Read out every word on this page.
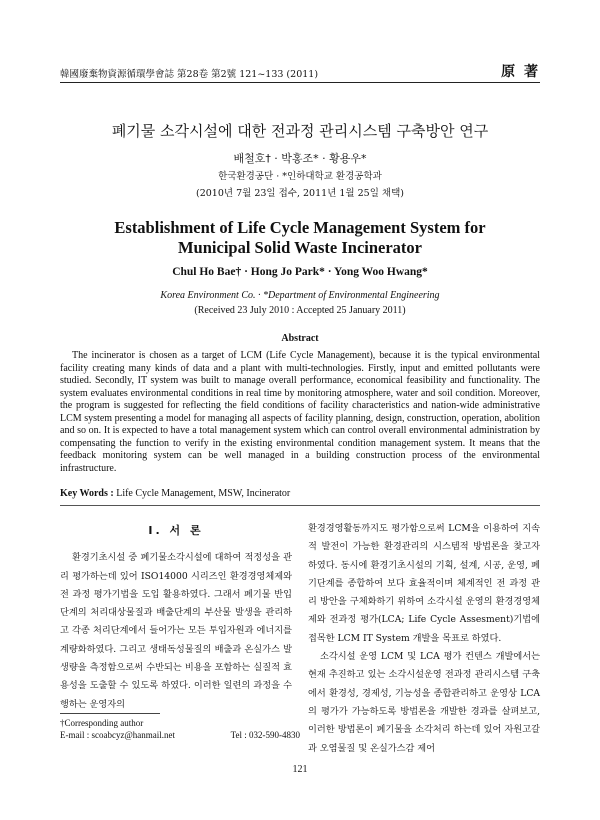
韓國廢棄物資源循環學會誌 第28卷 第2號 121~133 (2011)	原 著
폐기물 소각시설에 대한 전과정 관리시스템 구축방안 연구
배철호† · 박홍조* · 황용우*
한국환경공단 · *인하대학교 환경공학과
(2010년 7월 23일 접수, 2011년 1월 25일 채택)
Establishment of Life Cycle Management System for
Municipal Solid Waste Incinerator
Chul Ho Bae† · Hong Jo Park* · Yong Woo Hwang*
Korea Environment Co. · *Department of Environmental Engineering
(Received 23 July 2010 : Accepted 25 January 2011)
Abstract

The incinerator is chosen as a target of LCM (Life Cycle Management), because it is the typical environmental facility creating many kinds of data and a plant with multi-technologies. Firstly, input and emitted pollutants were studied. Secondly, IT system was built to manage overall performance, economical feasibility and functionality. The system evaluates environmental conditions in real time by monitoring atmosphere, water and soil condition. Moreover, the program is suggested for reflecting the field conditions of facility characteristics and nation-wide administrative LCM system presenting a model for managing all aspects of facility planning, design, construction, operation, abolition and so on. It is expected to have a total management system which can control overall environmental administration by compensating the function to verify in the existing environmental condition management system. It means that the feedback monitoring system can be well managed in a building construction process of the environmental infrastructure.

Key Words : Life Cycle Management, MSW, Incinerator
I. 서 론

환경기초시설 중 폐기물소각시설에 대하여 적정성을 관리 평가하는데 있어 ISO14000 시리즈인 환경경영체제와 전 과정 평가기법을 도입 활용하였다. 그래서 폐기물 반입단계의 처리대상물질과 배출단계의 부산물 발생을 관리하고 각종 처리단계에서 들어가는 모든 투입자원과 에너지를 계량화하였다. 그리고 생태독성물질의 배출과 온실가스 발생량을 측정함으로써 수반되는 비용을 포함하는 실질적 효용성을 도출할 수 있도록 하였다. 이러한 일련의 과정을 수행하는 운영자의

환경경영활동까지도 평가함으로써 LCM을 이용하여 지속적 발전이 가능한 환경관리의 시스템적 방법론을 찾고자 하였다. 동시에 환경기초시설의 기획, 설계, 시공, 운영, 폐기단계를 종합하여 보다 효율적이며 체계적인 전 과정 관리 방안을 구체화하기 위하여 소각시설 운영의 환경경영체제와 전과정 평가(LCA; Life Cycle Assesment)기법에 접목한 LCM IT System 개발을 목표로 하였다.

소각시설 운영 LCM 및 LCA 평가 컨텐스 개발에서는 현재 추진하고 있는 소각시설운영 전과정 관리시스템 구축에서 환경성, 경제성, 기능성을 종합관리하고 운영상 LCA의 평가가 가능하도록 방법론을 개발한 경과를 살펴보고, 이러한 방법론이 폐기물을 소각처리 하는데 있어 자원고갈과 오염물질 및 온실가스감 제어

†Corresponding author
E-mail : scoabcyz@hanmail.net	Tel : 032-590-4830
121
